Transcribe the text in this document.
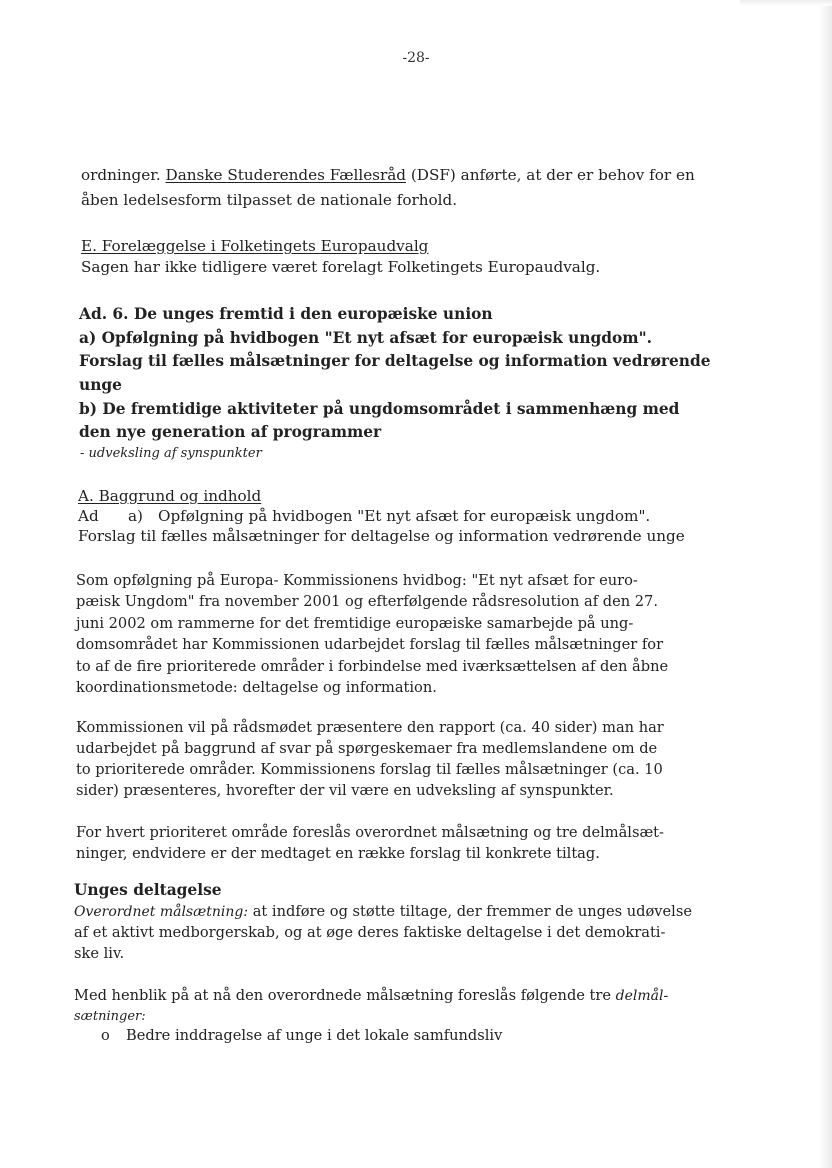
-28-
ordninger. Danske Studerendes Fællesråd (DSF) anførte, at der er behov for en
åben ledelsesform tilpasset de nationale forhold.
E. Forelæggelse i Folketingets Europaudvalg
Sagen har ikke tidligere været forelagt Folketingets Europaudvalg.
Ad. 6. De unges fremtid i den europæiske union
a) Opfølgning på hvidbogen "Et nyt afsæt for europæisk ungdom".
Forslag til fælles målsætninger for deltagelse og information vedrørende
unge
b) De fremtidige aktiviteter på ungdomsområdet i sammenhæng med
den nye generation af programmer
- udveksling af synspunkter
A. Baggrund og indhold
Ad a) Opfølgning på hvidbogen "Et nyt afsæt for europæisk ungdom".
Forslag til fælles målsætninger for deltagelse og information vedrørende unge
Som opfølgning på Europa- Kommissionens hvidbog: "Et nyt afsæt for euro-
pæisk Ungdom" fra november 2001 og efterfølgende rådsresolution af den 27.
juni 2002 om rammerne for det fremtidige europæiske samarbejde på ung-
domsområdet har Kommissionen udarbejdet forslag til fælles målsætninger for
to af de fire prioriterede områder i forbindelse med iværksættelsen af den åbne
koordinationsmetode: deltagelse og information.
Kommissionen vil på rådsmødet præsentere den rapport (ca. 40 sider) man har
udarbejdet på baggrund af svar på spørgeskemaer fra medlemslandene om de
to prioriterede områder. Kommissionens forslag til fælles målsætninger (ca. 10
sider) præsenteres, hvorefter der vil være en udveksling af synspunkter.
For hvert prioriteret område foreslås overordnet målsætning og tre delmålsæt-
ninger, endvidere er der medtaget en række forslag til konkrete tiltag.
Unges deltagelse
Overordnet målsætning: at indføre og støtte tiltage, der fremmer de unges udøvelse
af et aktivt medborgerskab, og at øge deres faktiske deltagelse i det demokrati-
ske liv.
Med henblik på at nå den overordnede målsætning foreslås følgende tre delmål-
sætninger:
o Bedre inddragelse af unge i det lokale samfundsliv
